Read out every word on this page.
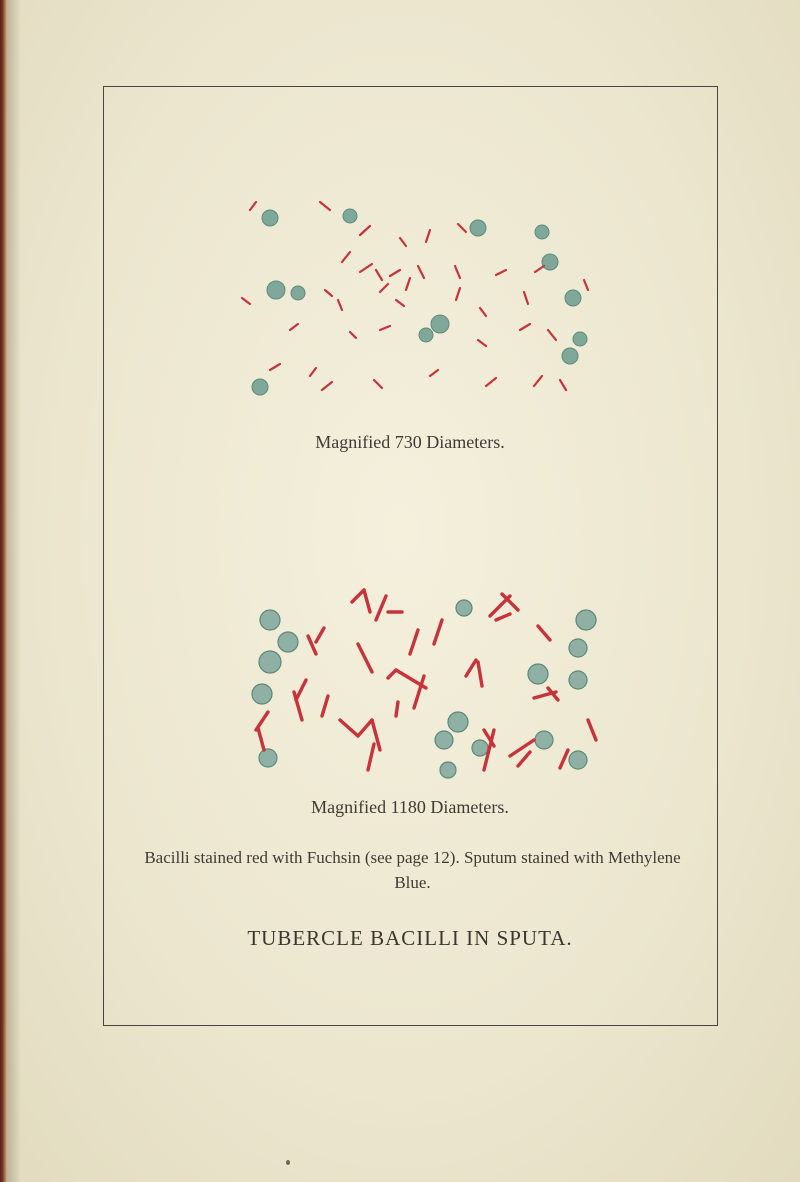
Magnified 730 Diameters.

Magnified 1180 Diameters.

Bacilli stained red with Fuchsin (see page 12). Sputum stained with Methylene Blue.

TUBERCLE BACILLI IN SPUTA.
